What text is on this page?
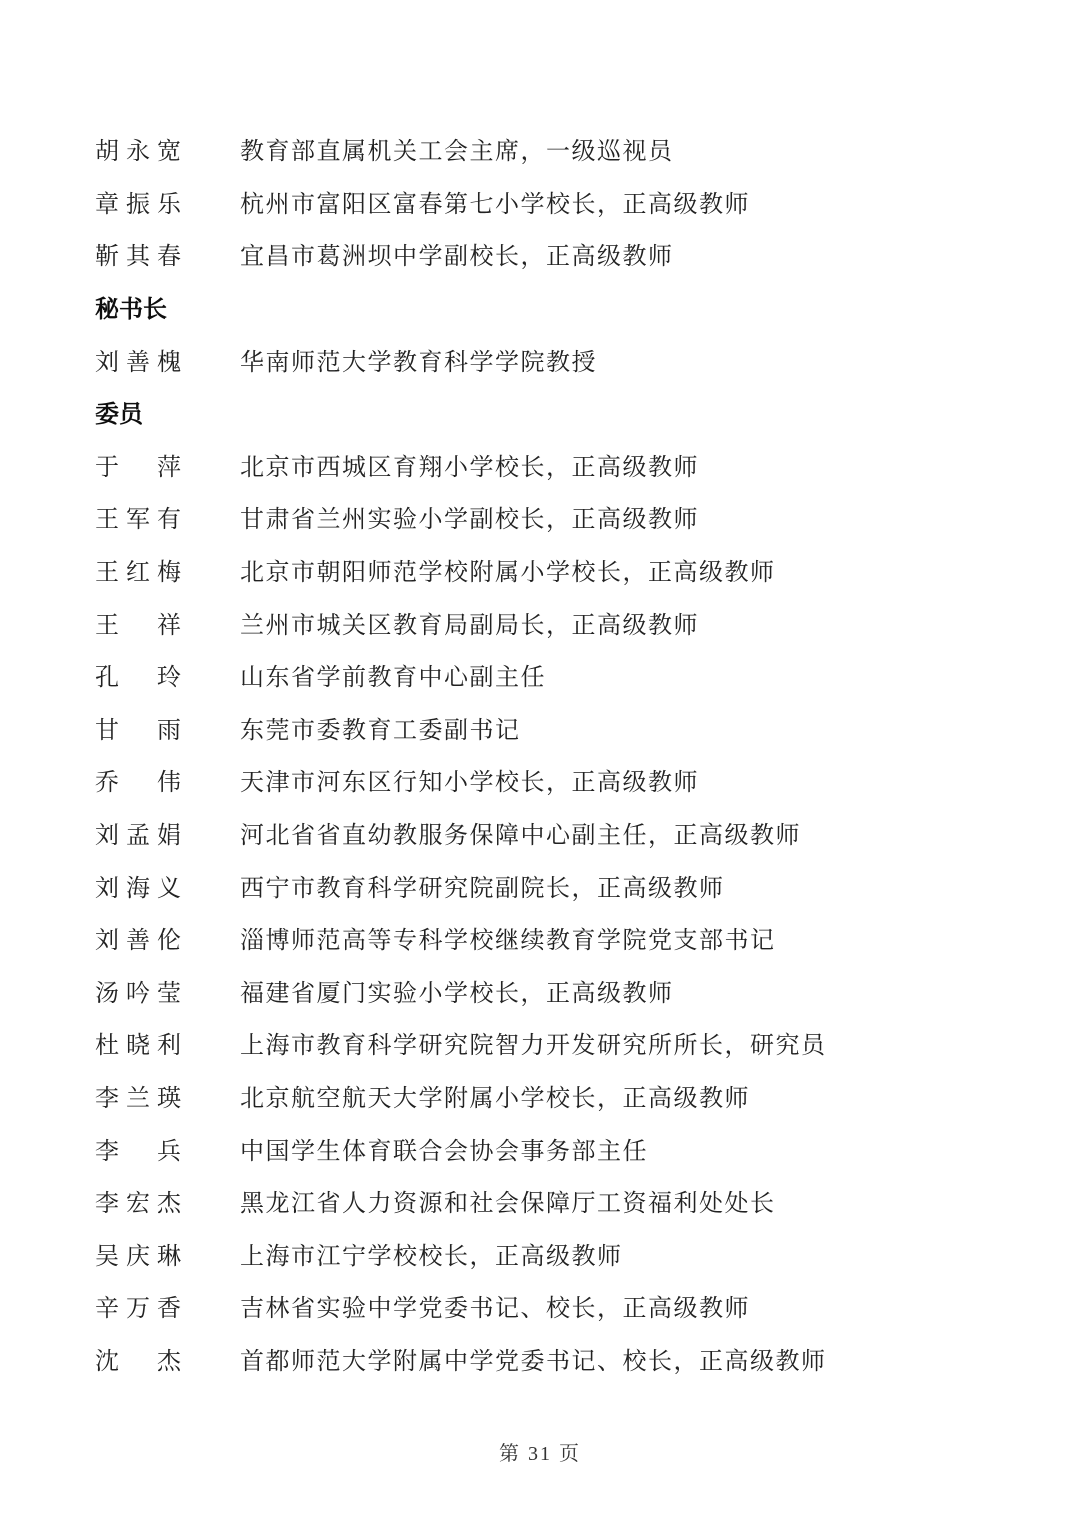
胡永宽 教育部直属机关工会主席，一级巡视员
章振乐 杭州市富阳区富春第七小学校长，正高级教师
靳其春 宜昌市葛洲坝中学副校长，正高级教师
秘书长
刘善槐 华南师范大学教育科学学院教授
委员
于萍 北京市西城区育翔小学校长，正高级教师
王军有 甘肃省兰州实验小学副校长，正高级教师
王红梅 北京市朝阳师范学校附属小学校长，正高级教师
王祥 兰州市城关区教育局副局长，正高级教师
孔玲 山东省学前教育中心副主任
甘雨 东莞市委教育工委副书记
乔伟 天津市河东区行知小学校长，正高级教师
刘孟娟 河北省省直幼教服务保障中心副主任，正高级教师
刘海义 西宁市教育科学研究院副院长，正高级教师
刘善伦 淄博师范高等专科学校继续教育学院党支部书记
汤吟莹 福建省厦门实验小学校长，正高级教师
杜晓利 上海市教育科学研究院智力开发研究所所长，研究员
李兰瑛 北京航空航天大学附属小学校长，正高级教师
李兵 中国学生体育联合会协会事务部主任
李宏杰 黑龙江省人力资源和社会保障厅工资福利处处长
吴庆琳 上海市江宁学校校长，正高级教师
辛万香 吉林省实验中学党委书记、校长，正高级教师
沈杰 首都师范大学附属中学党委书记、校长，正高级教师
第 31 页
